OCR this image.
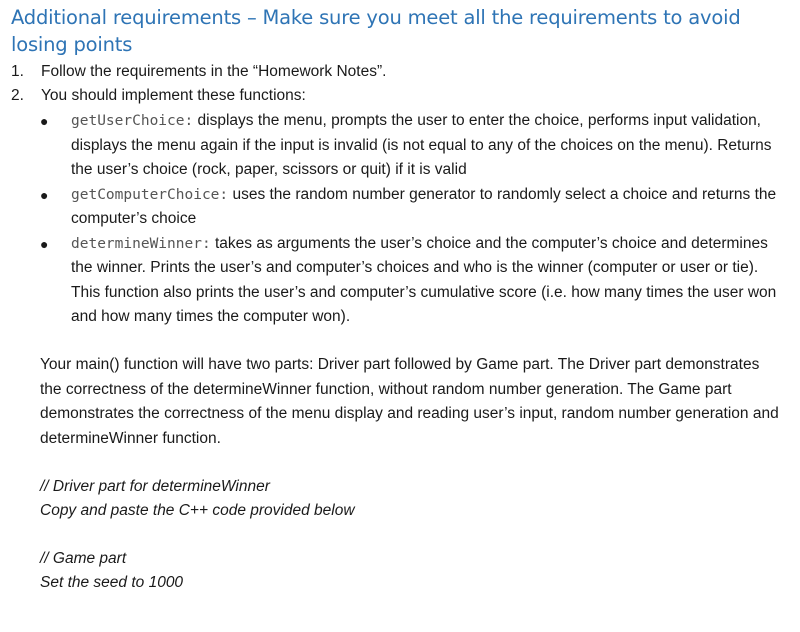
Additional requirements – Make sure you meet all the requirements to avoid losing points
1.	Follow the requirements in the “Homework Notes”.
2.	You should implement these functions:
●	getUserChoice: displays the menu, prompts the user to enter the choice, performs input validation, displays the menu again if the input is invalid (is not equal to any of the choices on the menu). Returns the user’s choice (rock, paper, scissors or quit) if it is valid
●	getComputerChoice: uses the random number generator to randomly select a choice and returns the computer’s choice
●	determineWinner: takes as arguments the user’s choice and the computer’s choice and determines the winner. Prints the user’s and computer’s choices and who is the winner (computer or user or tie). This function also prints the user’s and computer’s cumulative score (i.e. how many times the user won and how many times the computer won).
Your main() function will have two parts: Driver part followed by Game part. The Driver part demonstrates the correctness of the determineWinner function, without random number generation. The Game part demonstrates the correctness of the menu display and reading user’s input, random number generation and determineWinner function.
// Driver part for determineWinner
Copy and paste the C++ code provided below
// Game part
Set the seed to 1000
